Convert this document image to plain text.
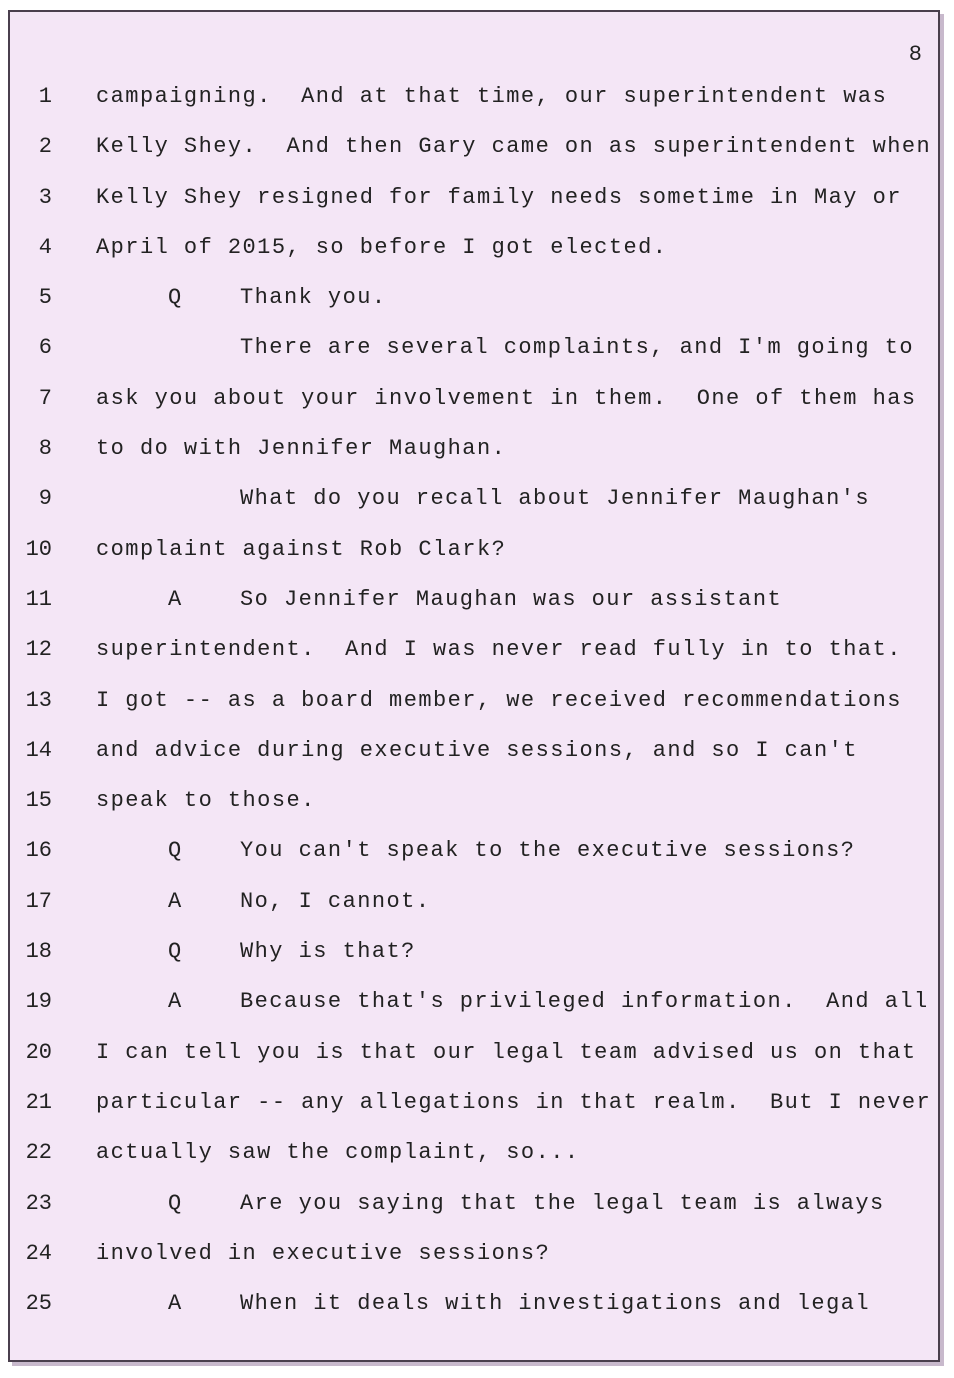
8
1 campaigning.  And at that time, our superintendent was
2 Kelly Shey.  And then Gary came on as superintendent when
3 Kelly Shey resigned for family needs sometime in May or
4 April of 2015, so before I got elected.
5	Q	Thank you.
6	There are several complaints, and I'm going to
7 ask you about your involvement in them.  One of them has
8 to do with Jennifer Maughan.
9	What do you recall about Jennifer Maughan's
10 complaint against Rob Clark?
11	A	So Jennifer Maughan was our assistant
12 superintendent.  And I was never read fully in to that.
13 I got -- as a board member, we received recommendations
14 and advice during executive sessions, and so I can't
15 speak to those.
16	Q	You can't speak to the executive sessions?
17	A	No, I cannot.
18	Q	Why is that?
19	A	Because that's privileged information.  And all
20 I can tell you is that our legal team advised us on that
21 particular -- any allegations in that realm.  But I never
22 actually saw the complaint, so...
23	Q	Are you saying that the legal team is always
24 involved in executive sessions?
25	A	When it deals with investigations and legal
